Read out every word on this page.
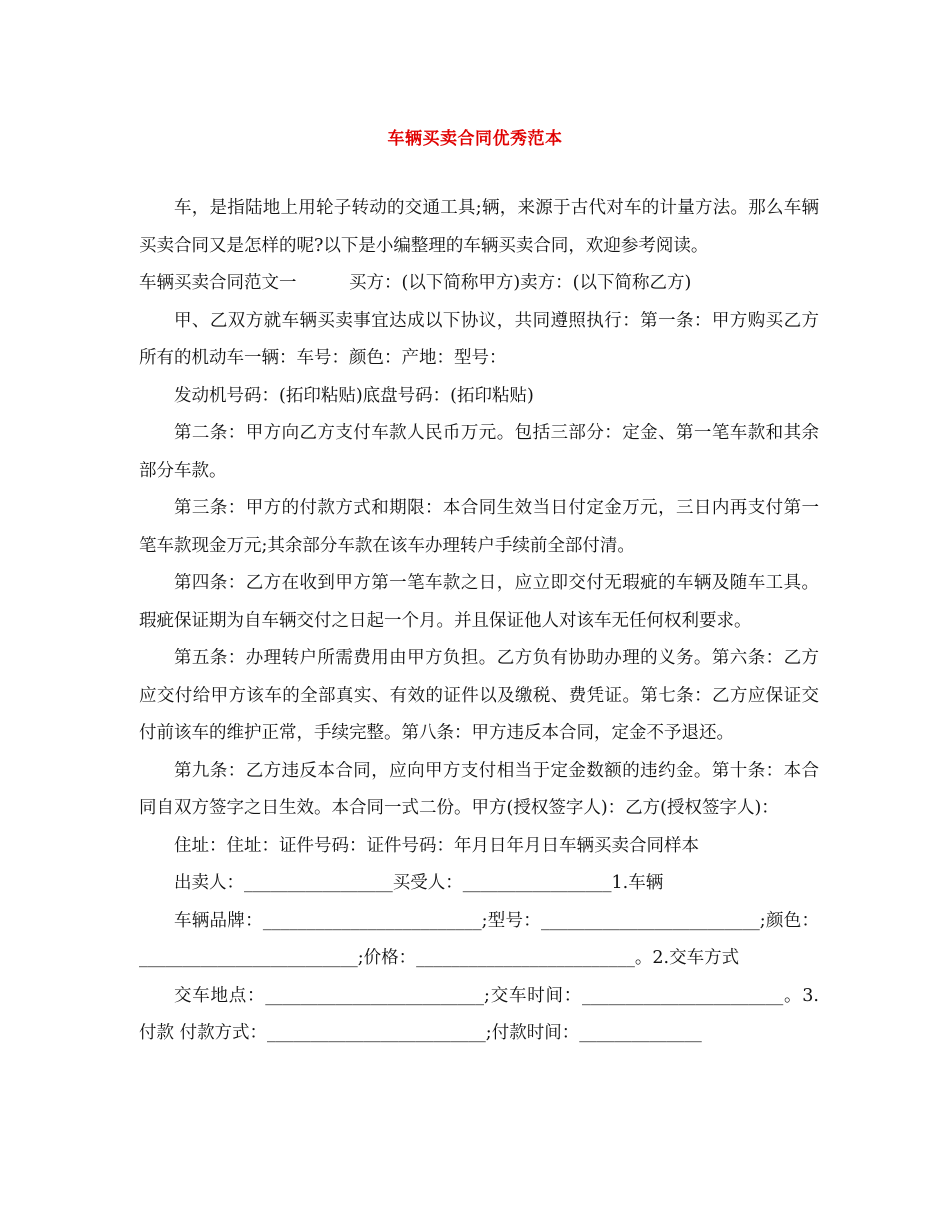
车辆买卖合同优秀范本

车，是指陆地上用轮子转动的交通工具;辆，来源于古代对车的计量方法。那么车辆买卖合同又是怎样的呢?以下是小编整理的车辆买卖合同，欢迎参考阅读。

车辆买卖合同范文一　　　买方：(以下简称甲方)卖方：(以下简称乙方)

甲、乙双方就车辆买卖事宜达成以下协议，共同遵照执行：第一条：甲方购买乙方所有的机动车一辆：车号：颜色：产地：型号：

发动机号码：(拓印粘贴)底盘号码：(拓印粘贴)

第二条：甲方向乙方支付车款人民币万元。包括三部分：定金、第一笔车款和其余部分车款。

第三条：甲方的付款方式和期限：本合同生效当日付定金万元，三日内再支付第一笔车款现金万元;其余部分车款在该车办理转户手续前全部付清。

第四条：乙方在收到甲方第一笔车款之日，应立即交付无瑕疵的车辆及随车工具。瑕疵保证期为自车辆交付之日起一个月。并且保证他人对该车无任何权利要求。

第五条：办理转户所需费用由甲方负担。乙方负有协助办理的义务。第六条：乙方应交付给甲方该车的全部真实、有效的证件以及缴税、费凭证。第七条：乙方应保证交付前该车的维护正常，手续完整。第八条：甲方违反本合同，定金不予退还。

第九条：乙方违反本合同，应向甲方支付相当于定金数额的违约金。第十条：本合同自双方签字之日生效。本合同一式二份。甲方(授权签字人)：乙方(授权签字人)：

住址：住址：证件号码：证件号码：年月日年月日车辆买卖合同样本

出卖人：_________________买受人：_________________1.车辆

车辆品牌：_________________________;型号：_________________________;颜色：_________________________;价格：_________________________。2.交车方式

交车地点：_________________________;交车时间：_______________________。3.付款 付款方式：_________________________;付款时间：______________
